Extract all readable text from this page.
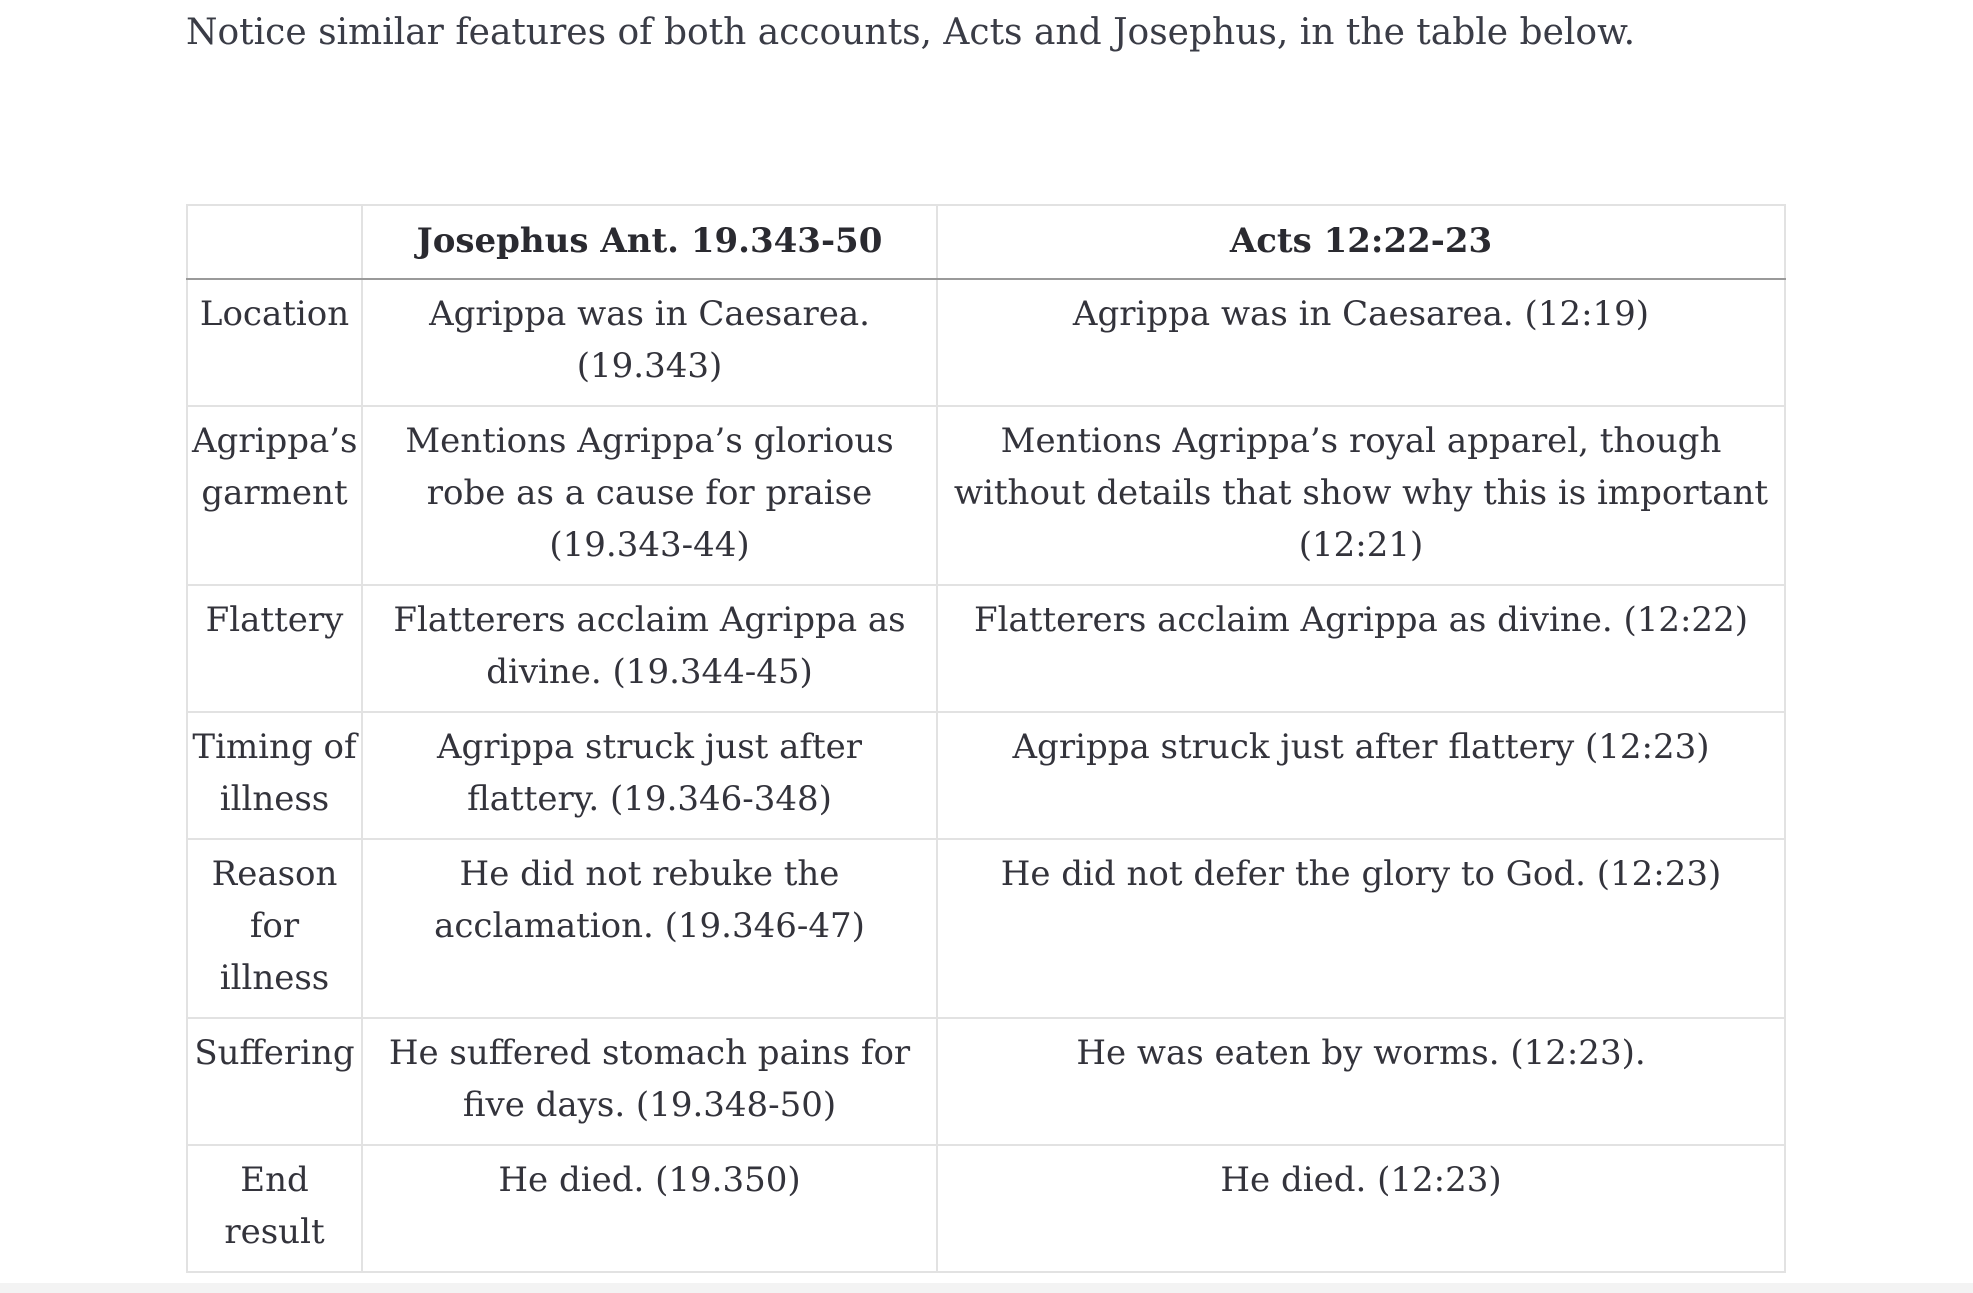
Notice similar features of both accounts, Acts and Josephus, in the table below.

	Josephus Ant. 19.343-50	Acts 12:22-23
Location	Agrippa was in Caesarea. (19.343)	Agrippa was in Caesarea. (12:19)
Agrippa’s garment	Mentions Agrippa’s glorious robe as a cause for praise (19.343-44)	Mentions Agrippa’s royal apparel, though without details that show why this is important (12:21)
Flattery	Flatterers acclaim Agrippa as divine. (19.344-45)	Flatterers acclaim Agrippa as divine. (12:22)
Timing of illness	Agrippa struck just after flattery. (19.346-348)	Agrippa struck just after flattery (12:23)
Reason for illness	He did not rebuke the acclamation. (19.346-47)	He did not defer the glory to God. (12:23)
Suffering	He suffered stomach pains for five days. (19.348-50)	He was eaten by worms. (12:23).
End result	He died. (19.350)	He died. (12:23)
